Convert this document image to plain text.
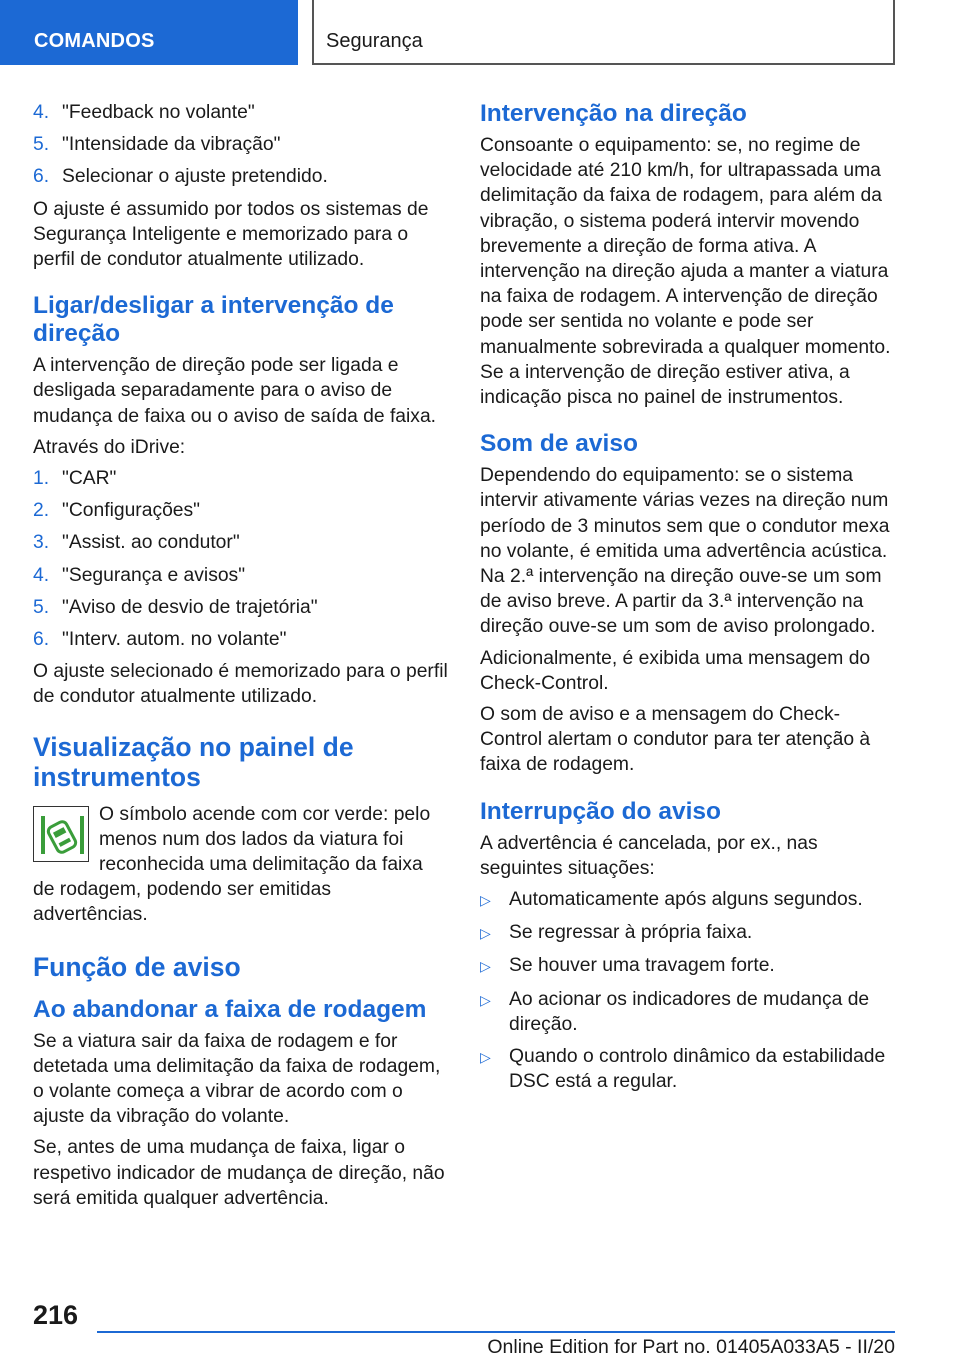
COMANDOS	Segurança
4. "Feedback no volante"
5. "Intensidade da vibração"
6. Selecionar o ajuste pretendido.

O ajuste é assumido por todos os sistemas de Segurança Inteligente e memorizado para o perfil de condutor atualmente utilizado.

Ligar/desligar a intervenção de direção

A intervenção de direção pode ser ligada e desligada separadamente para o aviso de mudança de faixa ou o aviso de saída de faixa.

Através do iDrive:

1. "CAR"
2. "Configurações"
3. "Assist. ao condutor"
4. "Segurança e avisos"
5. "Aviso de desvio de trajetória"
6. "Interv. autom. no volante"

O ajuste selecionado é memorizado para o perfil de condutor atualmente utilizado.

Visualização no painel de instrumentos

O símbolo acende com cor verde: pelo menos num dos lados da viatura foi reconhecida uma delimitação da faixa de rodagem, podendo ser emitidas advertências.

Função de aviso
Ao abandonar a faixa de rodagem

Se a viatura sair da faixa de rodagem e for detetada uma delimitação da faixa de rodagem, o volante começa a vibrar de acordo com o ajuste da vibração do volante.

Se, antes de uma mudança de faixa, ligar o respetivo indicador de mudança de direção, não será emitida qualquer advertência.

Intervenção na direção

Consoante o equipamento: se, no regime de velocidade até 210 km/h, for ultrapassada uma delimitação da faixa de rodagem, para além da vibração, o sistema poderá intervir movendo brevemente a direção de forma ativa. A intervenção na direção ajuda a manter a viatura na faixa de rodagem. A intervenção de direção pode ser sentida no volante e pode ser manualmente sobrevirada a qualquer momento. Se a intervenção de direção estiver ativa, a indicação pisca no painel de instrumentos.

Som de aviso

Dependendo do equipamento: se o sistema intervir ativamente várias vezes na direção num período de 3 minutos sem que o condutor mexa no volante, é emitida uma advertência acústica. Na 2.ª intervenção na direção ouve-se um som de aviso breve. A partir da 3.ª intervenção na direção ouve-se um som de aviso prolongado.

Adicionalmente, é exibida uma mensagem do Check-Control.

O som de aviso e a mensagem do Check-Control alertam o condutor para ter atenção à faixa de rodagem.

Interrupção do aviso

A advertência é cancelada, por ex., nas seguintes situações:

▷ Automaticamente após alguns segundos.
▷ Se regressar à própria faixa.
▷ Se houver uma travagem forte.
▷ Ao acionar os indicadores de mudança de direção.
▷ Quando o controlo dinâmico da estabilidade DSC está a regular.
216
Online Edition for Part no. 01405A033A5 - II/20
